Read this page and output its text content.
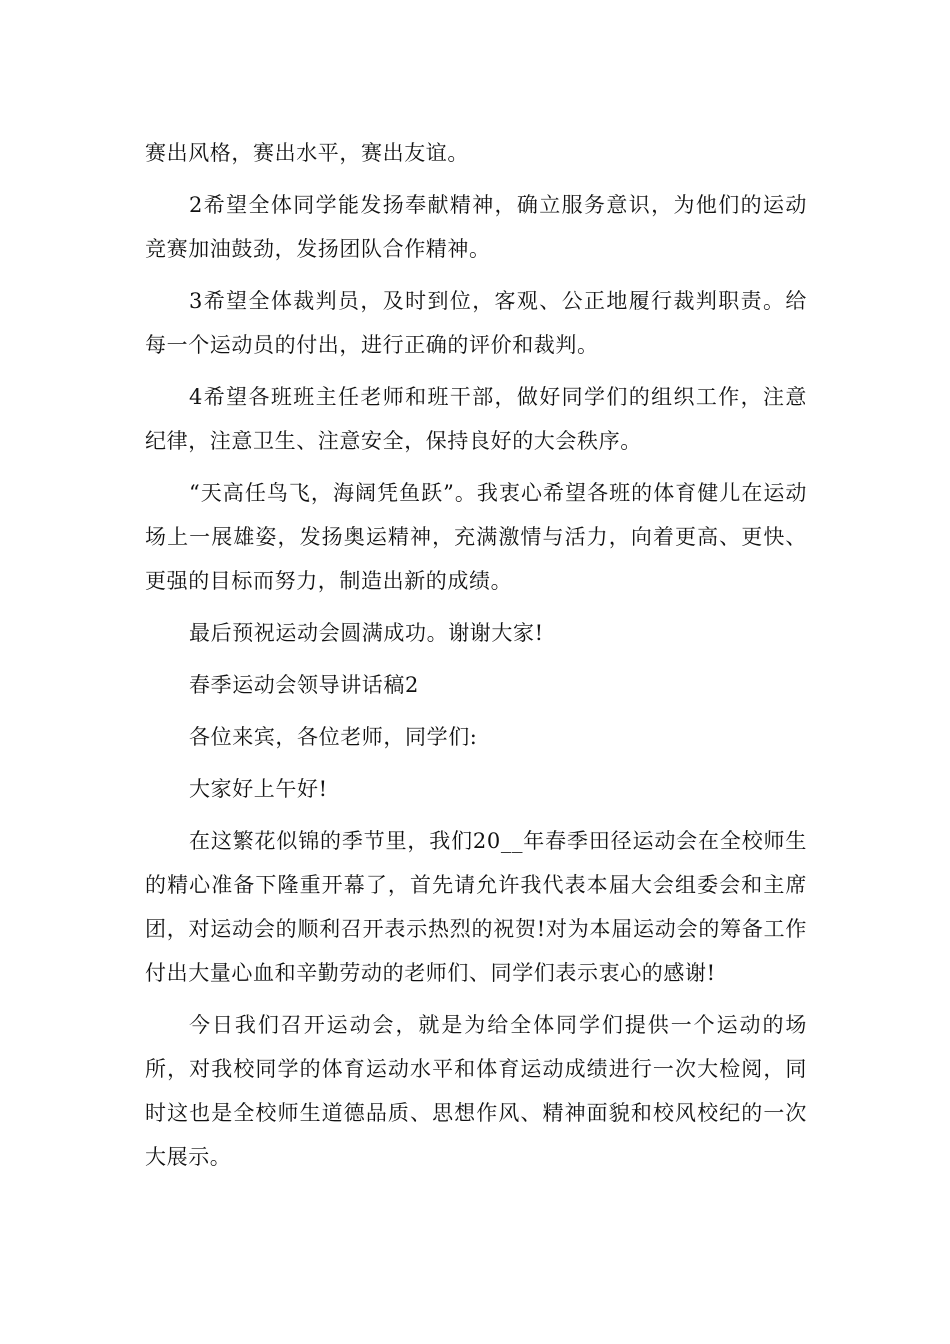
赛出风格，赛出水平，赛出友谊。

2希望全体同学能发扬奉献精神，确立服务意识，为他们的运动竞赛加油鼓劲，发扬团队合作精神。

3希望全体裁判员，及时到位，客观、公正地履行裁判职责。给每一个运动员的付出，进行正确的评价和裁判。

4希望各班班主任老师和班干部，做好同学们的组织工作，注意纪律，注意卫生、注意安全，保持良好的大会秩序。

“天高任鸟飞，海阔凭鱼跃”。我衷心希望各班的体育健儿在运动场上一展雄姿，发扬奥运精神，充满激情与活力，向着更高、更快、更强的目标而努力，制造出新的成绩。

最后预祝运动会圆满成功。谢谢大家!

春季运动会领导讲话稿2

各位来宾，各位老师，同学们:

大家好上午好!

在这繁花似锦的季节里，我们20__年春季田径运动会在全校师生的精心准备下隆重开幕了，首先请允许我代表本届大会组委会和主席团，对运动会的顺利召开表示热烈的祝贺!对为本届运动会的筹备工作付出大量心血和辛勤劳动的老师们、同学们表示衷心的感谢!

今日我们召开运动会，就是为给全体同学们提供一个运动的场所，对我校同学的体育运动水平和体育运动成绩进行一次大检阅，同时这也是全校师生道德品质、思想作风、精神面貌和校风校纪的一次大展示。
